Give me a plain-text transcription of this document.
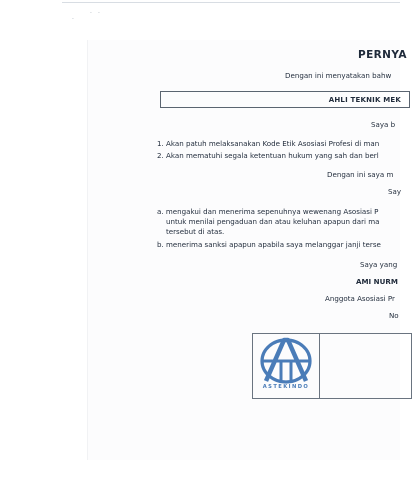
· ·
·
PERNYA
Dengan ini menyatakan bahw
AHLI TEKNIK MEK
Saya b
1. Akan patuh melaksanakan Kode Etik Asosiasi Profesi di man
2. Akan mematuhi segala ketentuan hukum yang sah dan berl
Dengan ini saya m
Say
a. mengakui dan menerima sepenuhnya wewenang Asosiasi P
untuk menilai pengaduan dan atau keluhan apapun dari ma
tersebut di atas.
b. menerima sanksi apapun apabila saya melanggar janji terse
Saya yang
AMI NURM
Anggota Asosiasi Pr
No
ASTEKINDO
